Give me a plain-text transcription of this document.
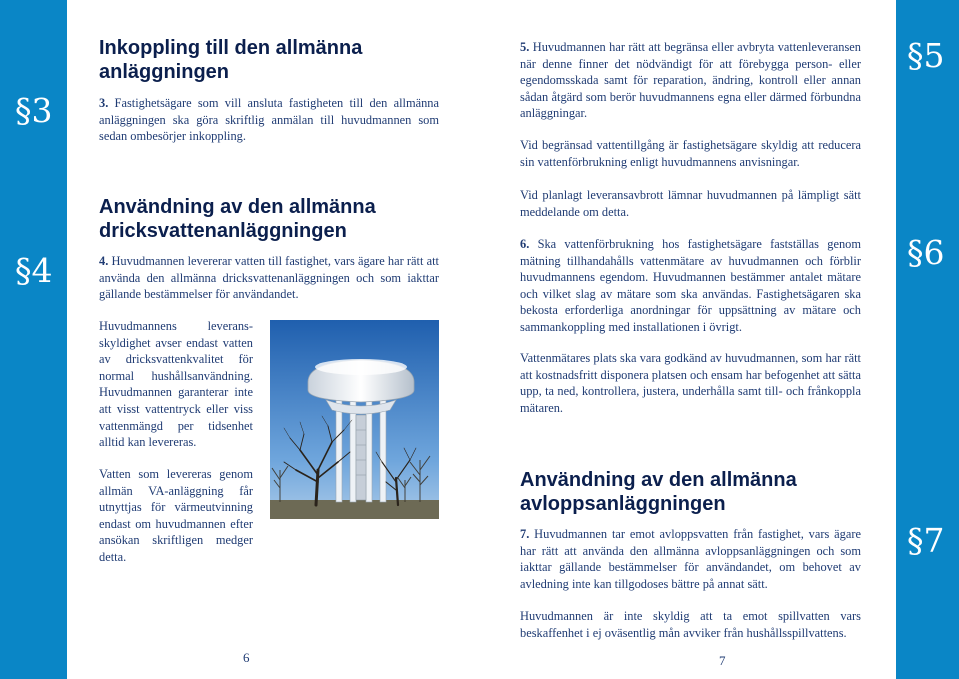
§3
§4
§5
§6
§7
Inkoppling till den allmänna anläggningen

3. Fastighetsägare som vill ansluta fastigheten till den allmänna anläggningen ska göra skriftlig anmälan till huvudmannen som sedan ombesörjer inkoppling.

Användning av den allmänna dricksvattenanläggningen

4. Huvudmannen levererar vatten till fastighet, vars ägare har rätt att använda den allmänna dricksvattenanläggningen och som iakttar gällande bestämmelser för användandet.

Huvudmannens leveransskyldighet avser endast vatten av dricksvattenkvalitet för normal hushållsanvändning. Huvudmannen garanterar inte att visst vattentryck eller viss vattenmängd per tidsenhet alltid kan levereras.

Vatten som levereras genom allmän VA-anläggning får utnyttjas för värmeutvinning endast om huvudmannen efter ansökan skriftligen medger detta.

6

5. Huvudmannen har rätt att begränsa eller avbryta vattenleveransen när denne finner det nödvändigt för att förebygga person- eller egendomsskada samt för reparation, ändring, kontroll eller annan sådan åtgärd som berör huvudmannens egna eller därmed förbundna anläggningar.

Vid begränsad vattentillgång är fastighetsägare skyldig att reducera sin vattenförbrukning enligt huvudmannens anvisningar.

Vid planlagt leveransavbrott lämnar huvudmannen på lämpligt sätt meddelande om detta.

6. Ska vattenförbrukning hos fastighetsägare fastställas genom mätning tillhandahålls vattenmätare av huvudmannen och förblir huvudmannens egendom. Huvudmannen bestämmer antalet mätare och vilket slag av mätare som ska användas. Fastighetsägaren ska bekosta erforderliga anordningar för uppsättning av mätare och sammankoppling med installationen i övrigt.

Vattenmätares plats ska vara godkänd av huvudmannen, som har rätt att kostnadsfritt disponera platsen och ensam har befogenhet att sätta upp, ta ned, kontrollera, justera, underhålla samt till- och frånkoppla mätaren.

Användning av den allmänna avloppsanläggningen

7. Huvudmannen tar emot avloppsvatten från fastighet, vars ägare har rätt att använda den allmänna avloppsanläggningen och som iakttar gällande bestämmelser för användandet, om behovet av avledning inte kan tillgodoses bättre på annat sätt.

Huvudmannen är inte skyldig att ta emot spillvatten vars beskaffenhet i ej oväsentlig mån avviker från hushållsspillvattens.

7
